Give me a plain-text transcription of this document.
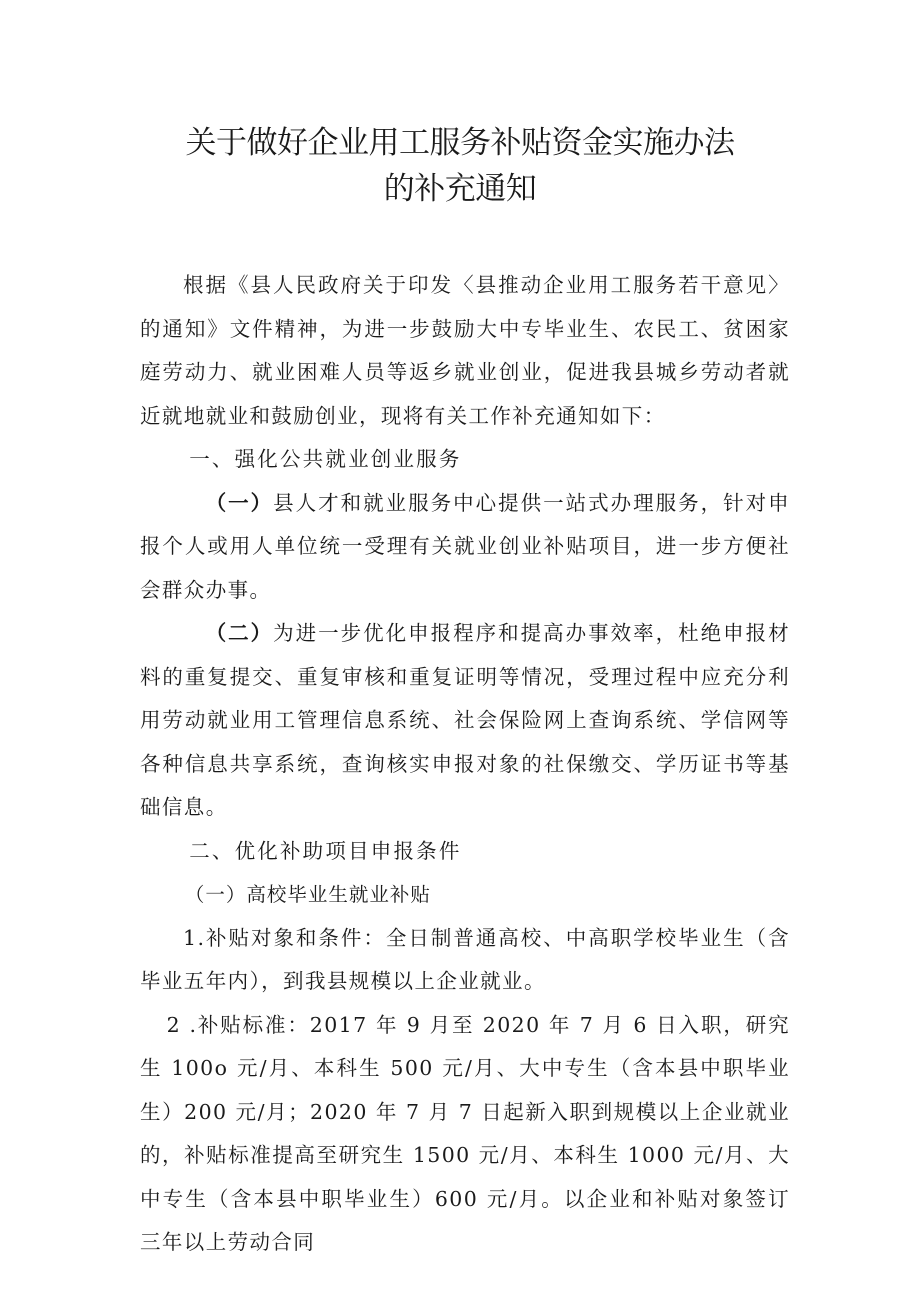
关于做好企业用工服务补贴资金实施办法
的补充通知

根据《县人民政府关于印发〈县推动企业用工服务若干意见〉的通知》文件精神，为进一步鼓励大中专毕业生、农民工、贫困家庭劳动力、就业困难人员等返乡就业创业，促进我县城乡劳动者就近就地就业和鼓励创业，现将有关工作补充通知如下：

一、强化公共就业创业服务

（一）县人才和就业服务中心提供一站式办理服务，针对申报个人或用人单位统一受理有关就业创业补贴项目，进一步方便社会群众办事。

（二）为进一步优化申报程序和提高办事效率，杜绝申报材料的重复提交、重复审核和重复证明等情况，受理过程中应充分利用劳动就业用工管理信息系统、社会保险网上查询系统、学信网等各种信息共享系统，查询核实申报对象的社保缴交、学历证书等基础信息。

二、优化补助项目申报条件

（一）高校毕业生就业补贴

1.补贴对象和条件：全日制普通高校、中高职学校毕业生（含毕业五年内），到我县规模以上企业就业。

2 .补贴标准：2017 年 9 月至 2020 年 7 月 6 日入职，研究生 100o 元/月、本科生 500 元/月、大中专生（含本县中职毕业生）200 元/月；2020 年 7 月 7 日起新入职到规模以上企业就业的，补贴标准提高至研究生 1500 元/月、本科生 1000 元/月、大中专生（含本县中职毕业生）600 元/月。以企业和补贴对象签订三年以上劳动合同
